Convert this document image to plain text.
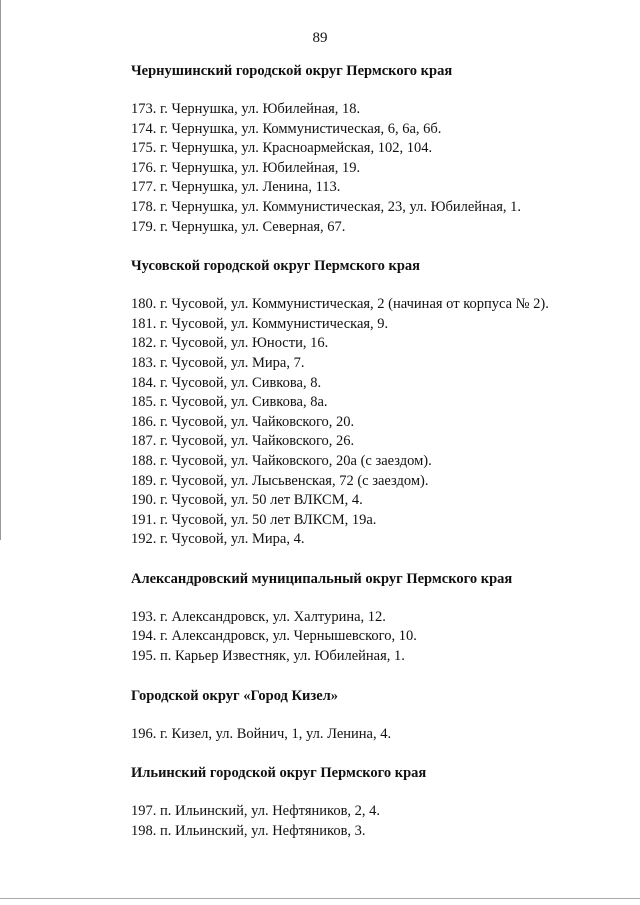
89
Чернушинский городской округ Пермского края
173. г. Чернушка, ул. Юбилейная, 18.
174. г. Чернушка, ул. Коммунистическая, 6, 6а, 6б.
175. г. Чернушка, ул. Красноармейская, 102, 104.
176. г. Чернушка, ул. Юбилейная, 19.
177. г. Чернушка, ул. Ленина, 113.
178. г. Чернушка, ул. Коммунистическая, 23, ул. Юбилейная, 1.
179. г. Чернушка, ул. Северная, 67.
Чусовской городской округ Пермского края
180. г. Чусовой, ул. Коммунистическая, 2 (начиная от корпуса № 2).
181. г. Чусовой, ул. Коммунистическая, 9.
182. г. Чусовой, ул. Юности, 16.
183. г. Чусовой, ул. Мира, 7.
184. г. Чусовой, ул. Сивкова, 8.
185. г. Чусовой, ул. Сивкова, 8а.
186. г. Чусовой, ул. Чайковского, 20.
187. г. Чусовой, ул. Чайковского, 26.
188. г. Чусовой, ул. Чайковского, 20а (с заездом).
189. г. Чусовой, ул. Лысьвенская, 72 (с заездом).
190. г. Чусовой, ул. 50 лет ВЛКСМ, 4.
191. г. Чусовой, ул. 50 лет ВЛКСМ, 19а.
192. г. Чусовой, ул. Мира, 4.
Александровский муниципальный округ Пермского края
193. г. Александровск, ул. Халтурина, 12.
194. г. Александровск, ул. Чернышевского, 10.
195. п. Карьер Известняк, ул. Юбилейная, 1.
Городской округ «Город Кизел»
196. г. Кизел, ул. Войнич, 1, ул. Ленина, 4.
Ильинский городской округ Пермского края
197. п. Ильинский, ул. Нефтяников, 2, 4.
198. п. Ильинский, ул. Нефтяников, 3.
